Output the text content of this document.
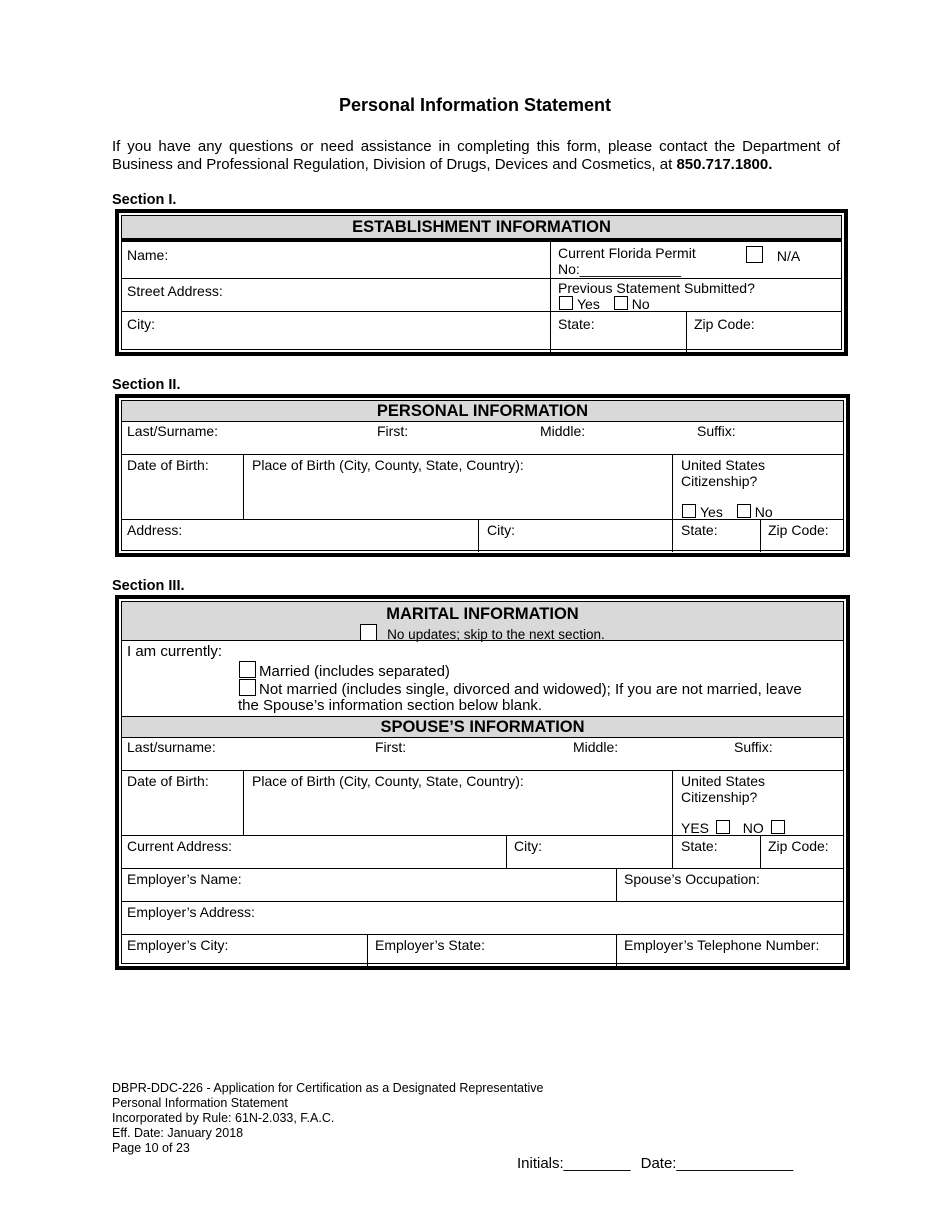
Personal Information Statement
If you have any questions or need assistance in completing this form, please contact the Department of Business and Professional Regulation, Division of Drugs, Devices and Cosmetics, at 850.717.1800.
Section I.
ESTABLISHMENT INFORMATION
Name:	Current Florida Permit
No:_____________
N/A
Street Address:	Previous Statement Submitted?
Yes No
City:	State:	Zip Code:
Section II.
PERSONAL INFORMATION
Last/Surname:	First:	Middle:	Suffix:
Date of Birth:	Place of Birth (City, County, State, Country):	United States
Citizenship?
Yes No
Address:	City:	State:	Zip Code:
Section III.
MARITAL INFORMATION
No updates; skip to the next section.
I am currently:
Married (includes separated)
Not married (includes single, divorced and widowed); If you are not married, leave
the Spouse’s information section below blank.
SPOUSE’S INFORMATION
Last/surname:	First:	Middle:	Suffix:
Date of Birth:	Place of Birth (City, County, State, Country):	United States
Citizenship?
YES NO
Current Address:	City:	State:	Zip Code:
Employer’s Name:	Spouse’s Occupation:
Employer’s Address:
Employer’s City:	Employer’s State:	Employer’s Telephone Number:
DBPR-DDC-226 - Application for Certification as a Designated Representative
Personal Information Statement
Incorporated by Rule: 61N-2.033, F.A.C.
Eff. Date: January 2018
Page 10 of 23
Initials:________ Date:______________
